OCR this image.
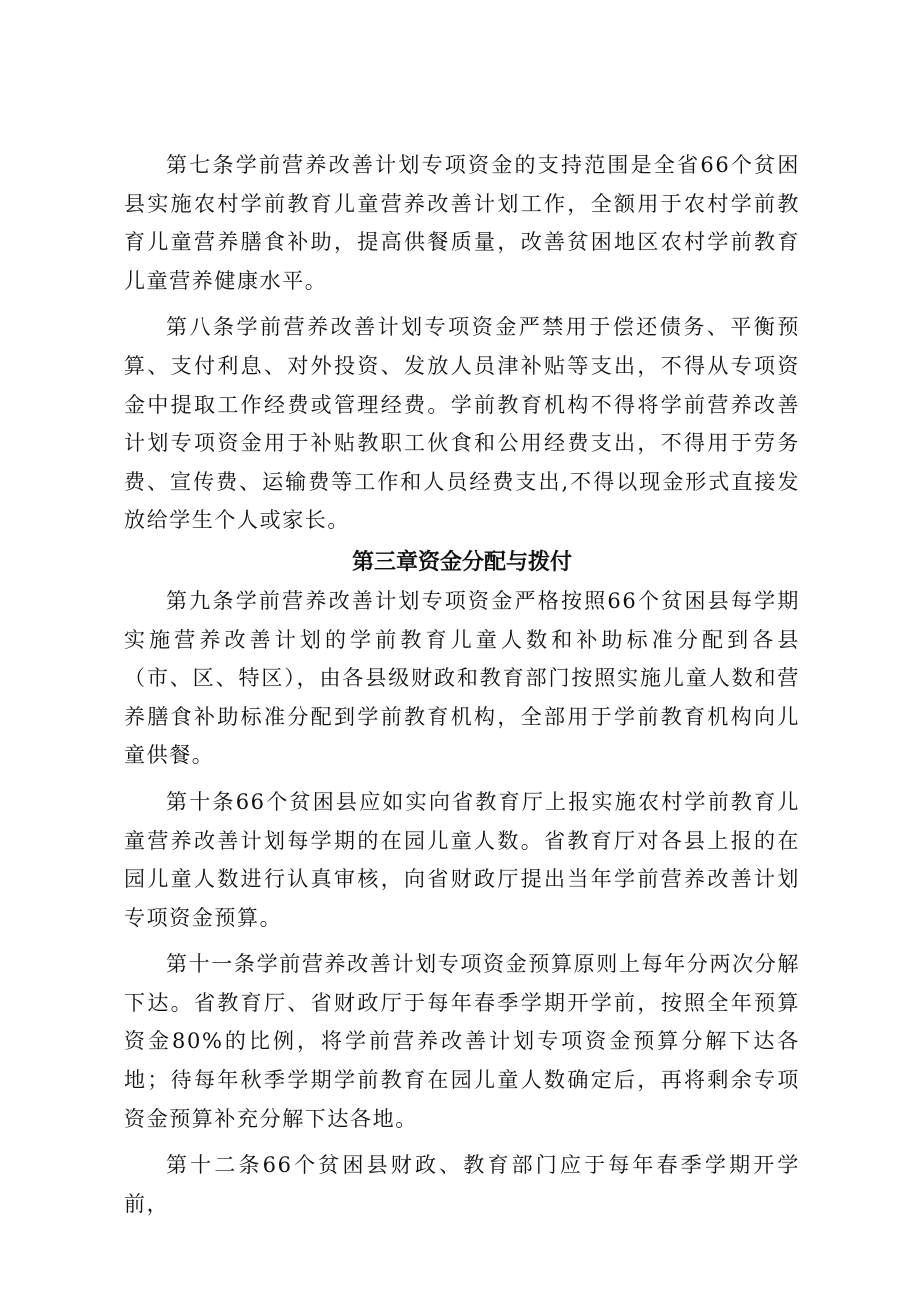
第七条学前营养改善计划专项资金的支持范围是全省66个贫困县实施农村学前教育儿童营养改善计划工作，全额用于农村学前教育儿童营养膳食补助，提高供餐质量，改善贫困地区农村学前教育儿童营养健康水平。

第八条学前营养改善计划专项资金严禁用于偿还债务、平衡预算、支付利息、对外投资、发放人员津补贴等支出，不得从专项资金中提取工作经费或管理经费。学前教育机构不得将学前营养改善计划专项资金用于补贴教职工伙食和公用经费支出，不得用于劳务费、宣传费、运输费等工作和人员经费支出,不得以现金形式直接发放给学生个人或家长。

第三章资金分配与拨付

第九条学前营养改善计划专项资金严格按照66个贫困县每学期实施营养改善计划的学前教育儿童人数和补助标准分配到各县（市、区、特区），由各县级财政和教育部门按照实施儿童人数和营养膳食补助标准分配到学前教育机构，全部用于学前教育机构向儿童供餐。

第十条66个贫困县应如实向省教育厅上报实施农村学前教育儿童营养改善计划每学期的在园儿童人数。省教育厅对各县上报的在园儿童人数进行认真审核，向省财政厅提出当年学前营养改善计划专项资金预算。

第十一条学前营养改善计划专项资金预算原则上每年分两次分解下达。省教育厅、省财政厅于每年春季学期开学前，按照全年预算资金80%的比例，将学前营养改善计划专项资金预算分解下达各地；待每年秋季学期学前教育在园儿童人数确定后，再将剩余专项资金预算补充分解下达各地。

第十二条66个贫困县财政、教育部门应于每年春季学期开学前，
